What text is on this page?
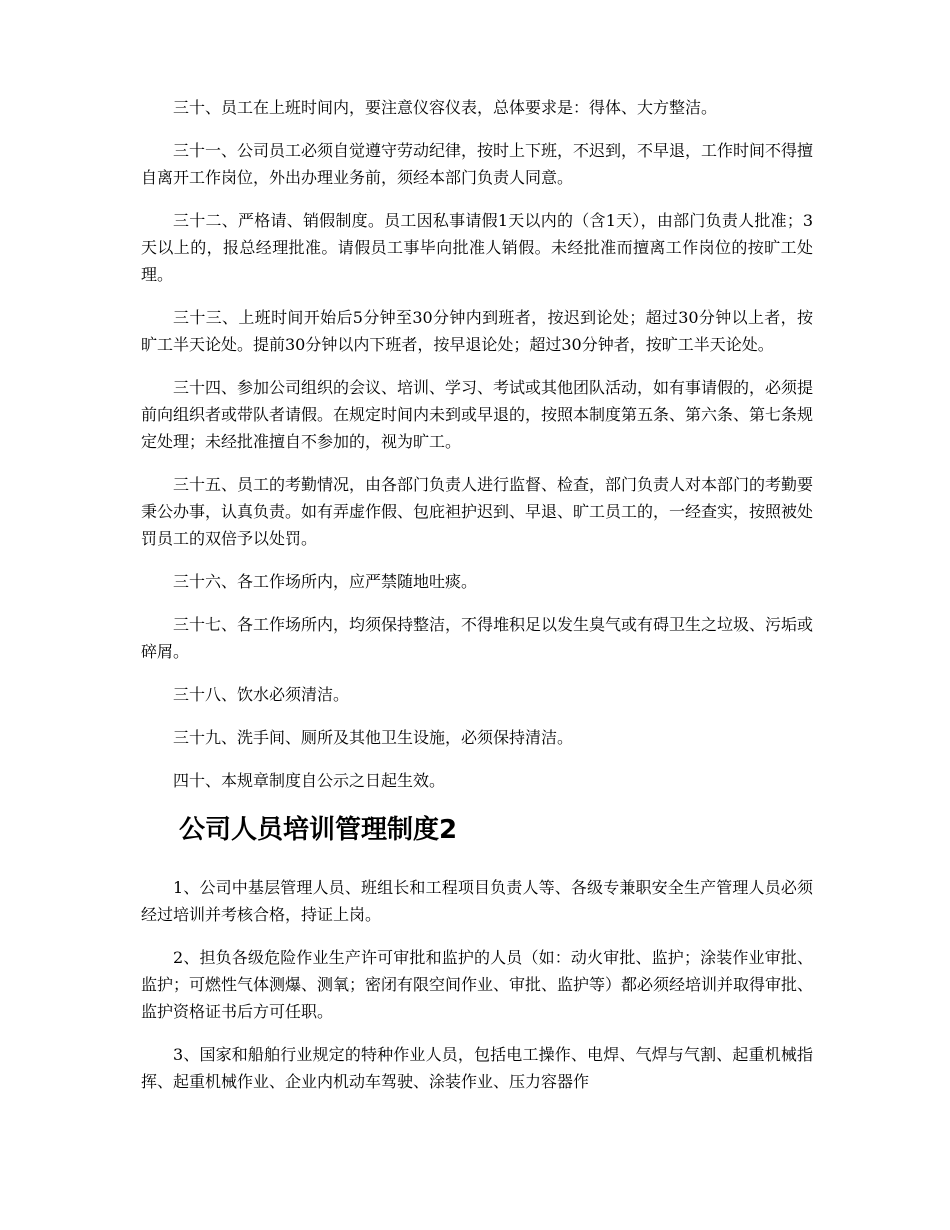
三十、员工在上班时间内，要注意仪容仪表，总体要求是：得体、大方整洁。

三十一、公司员工必须自觉遵守劳动纪律，按时上下班，不迟到，不早退，工作时间不得擅自离开工作岗位，外出办理业务前，须经本部门负责人同意。

三十二、严格请、销假制度。员工因私事请假1天以内的（含1天），由部门负责人批准；3天以上的，报总经理批准。请假员工事毕向批准人销假。未经批准而擅离工作岗位的按旷工处理。

三十三、上班时间开始后5分钟至30分钟内到班者，按迟到论处；超过30分钟以上者，按旷工半天论处。提前30分钟以内下班者，按早退论处；超过30分钟者，按旷工半天论处。

三十四、参加公司组织的会议、培训、学习、考试或其他团队活动，如有事请假的，必须提前向组织者或带队者请假。在规定时间内未到或早退的，按照本制度第五条、第六条、第七条规定处理；未经批准擅自不参加的，视为旷工。

三十五、员工的考勤情况，由各部门负责人进行监督、检查，部门负责人对本部门的考勤要秉公办事，认真负责。如有弄虚作假、包庇袒护迟到、早退、旷工员工的，一经查实，按照被处罚员工的双倍予以处罚。

三十六、各工作场所内，应严禁随地吐痰。

三十七、各工作场所内，均须保持整洁，不得堆积足以发生臭气或有碍卫生之垃圾、污垢或碎屑。

三十八、饮水必须清洁。

三十九、洗手间、厕所及其他卫生设施，必须保持清洁。

四十、本规章制度自公示之日起生效。

公司人员培训管理制度2

1、公司中基层管理人员、班组长和工程项目负责人等、各级专兼职安全生产管理人员必须经过培训并考核合格，持证上岗。

2、担负各级危险作业生产许可审批和监护的人员（如：动火审批、监护；涂装作业审批、监护；可燃性气体测爆、测氧；密闭有限空间作业、审批、监护等）都必须经培训并取得审批、监护资格证书后方可任职。

3、国家和船舶行业规定的特种作业人员，包括电工操作、电焊、气焊与气割、起重机械指挥、起重机械作业、企业内机动车驾驶、涂装作业、压力容器作
